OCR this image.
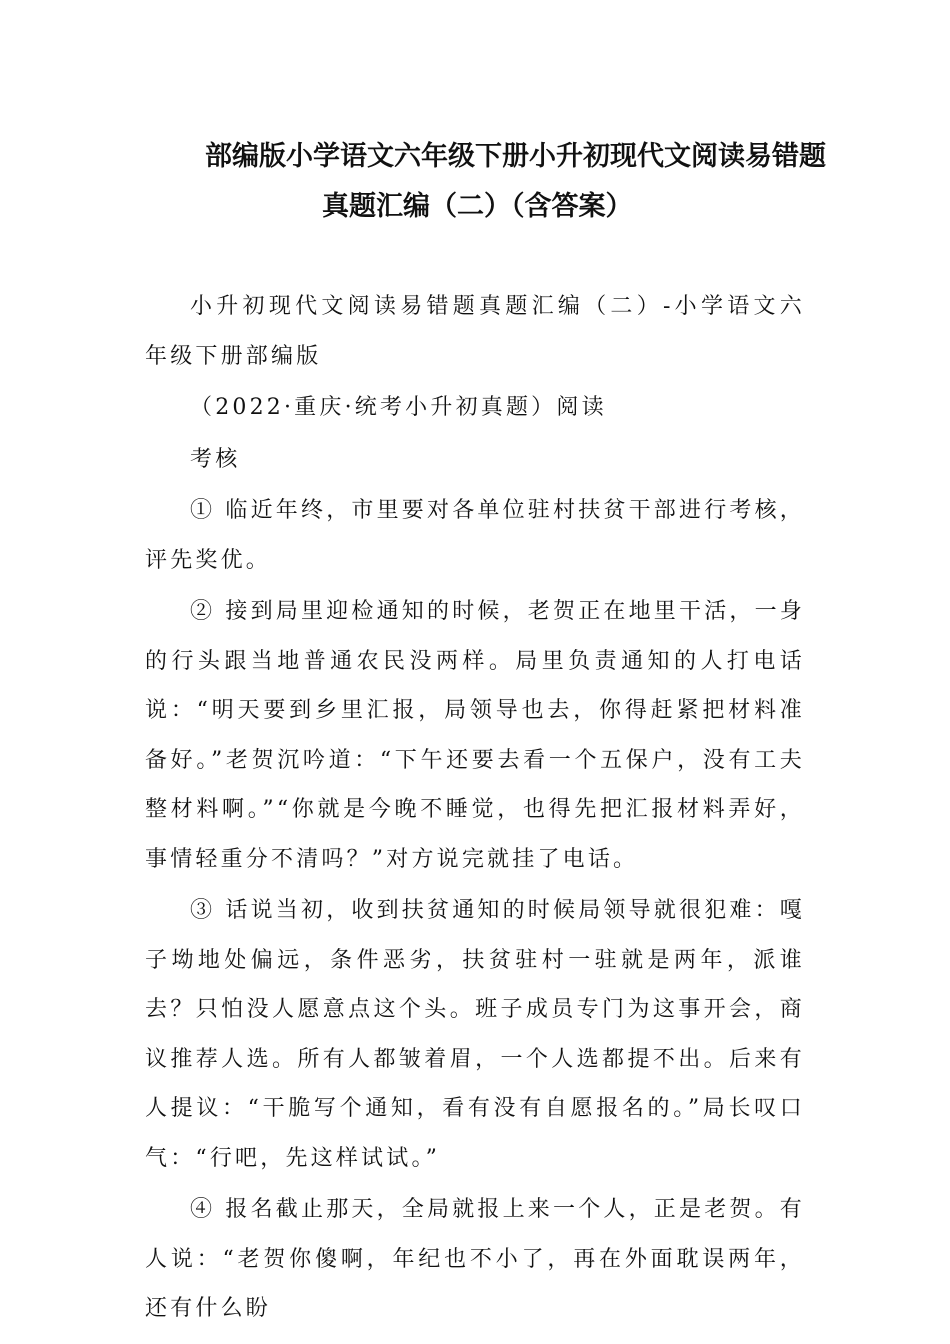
部编版小学语文六年级下册小升初现代文阅读易错题
真题汇编（二）（含答案）

小升初现代文阅读易错题真题汇编（二）-小学语文六年级下册部编版

（2022·重庆·统考小升初真题）阅读

考核

① 临近年终，市里要对各单位驻村扶贫干部进行考核，评先奖优。

② 接到局里迎检通知的时候，老贺正在地里干活，一身的行头跟当地普通农民没两样。局里负责通知的人打电话说：“明天要到乡里汇报，局领导也去，你得赶紧把材料准备好。”老贺沉吟道：“下午还要去看一个五保户，没有工夫整材料啊。”“你就是今晚不睡觉，也得先把汇报材料弄好，事情轻重分不清吗？”对方说完就挂了电话。

③ 话说当初，收到扶贫通知的时候局领导就很犯难：嘎子坳地处偏远，条件恶劣，扶贫驻村一驻就是两年，派谁去？只怕没人愿意点这个头。班子成员专门为这事开会，商议推荐人选。所有人都皱着眉，一个人选都提不出。后来有人提议：“干脆写个通知，看有没有自愿报名的。”局长叹口气：“行吧，先这样试试。”

④ 报名截止那天，全局就报上来一个人，正是老贺。有人说：“老贺你傻啊，年纪也不小了，再在外面耽误两年，还有什么盼
